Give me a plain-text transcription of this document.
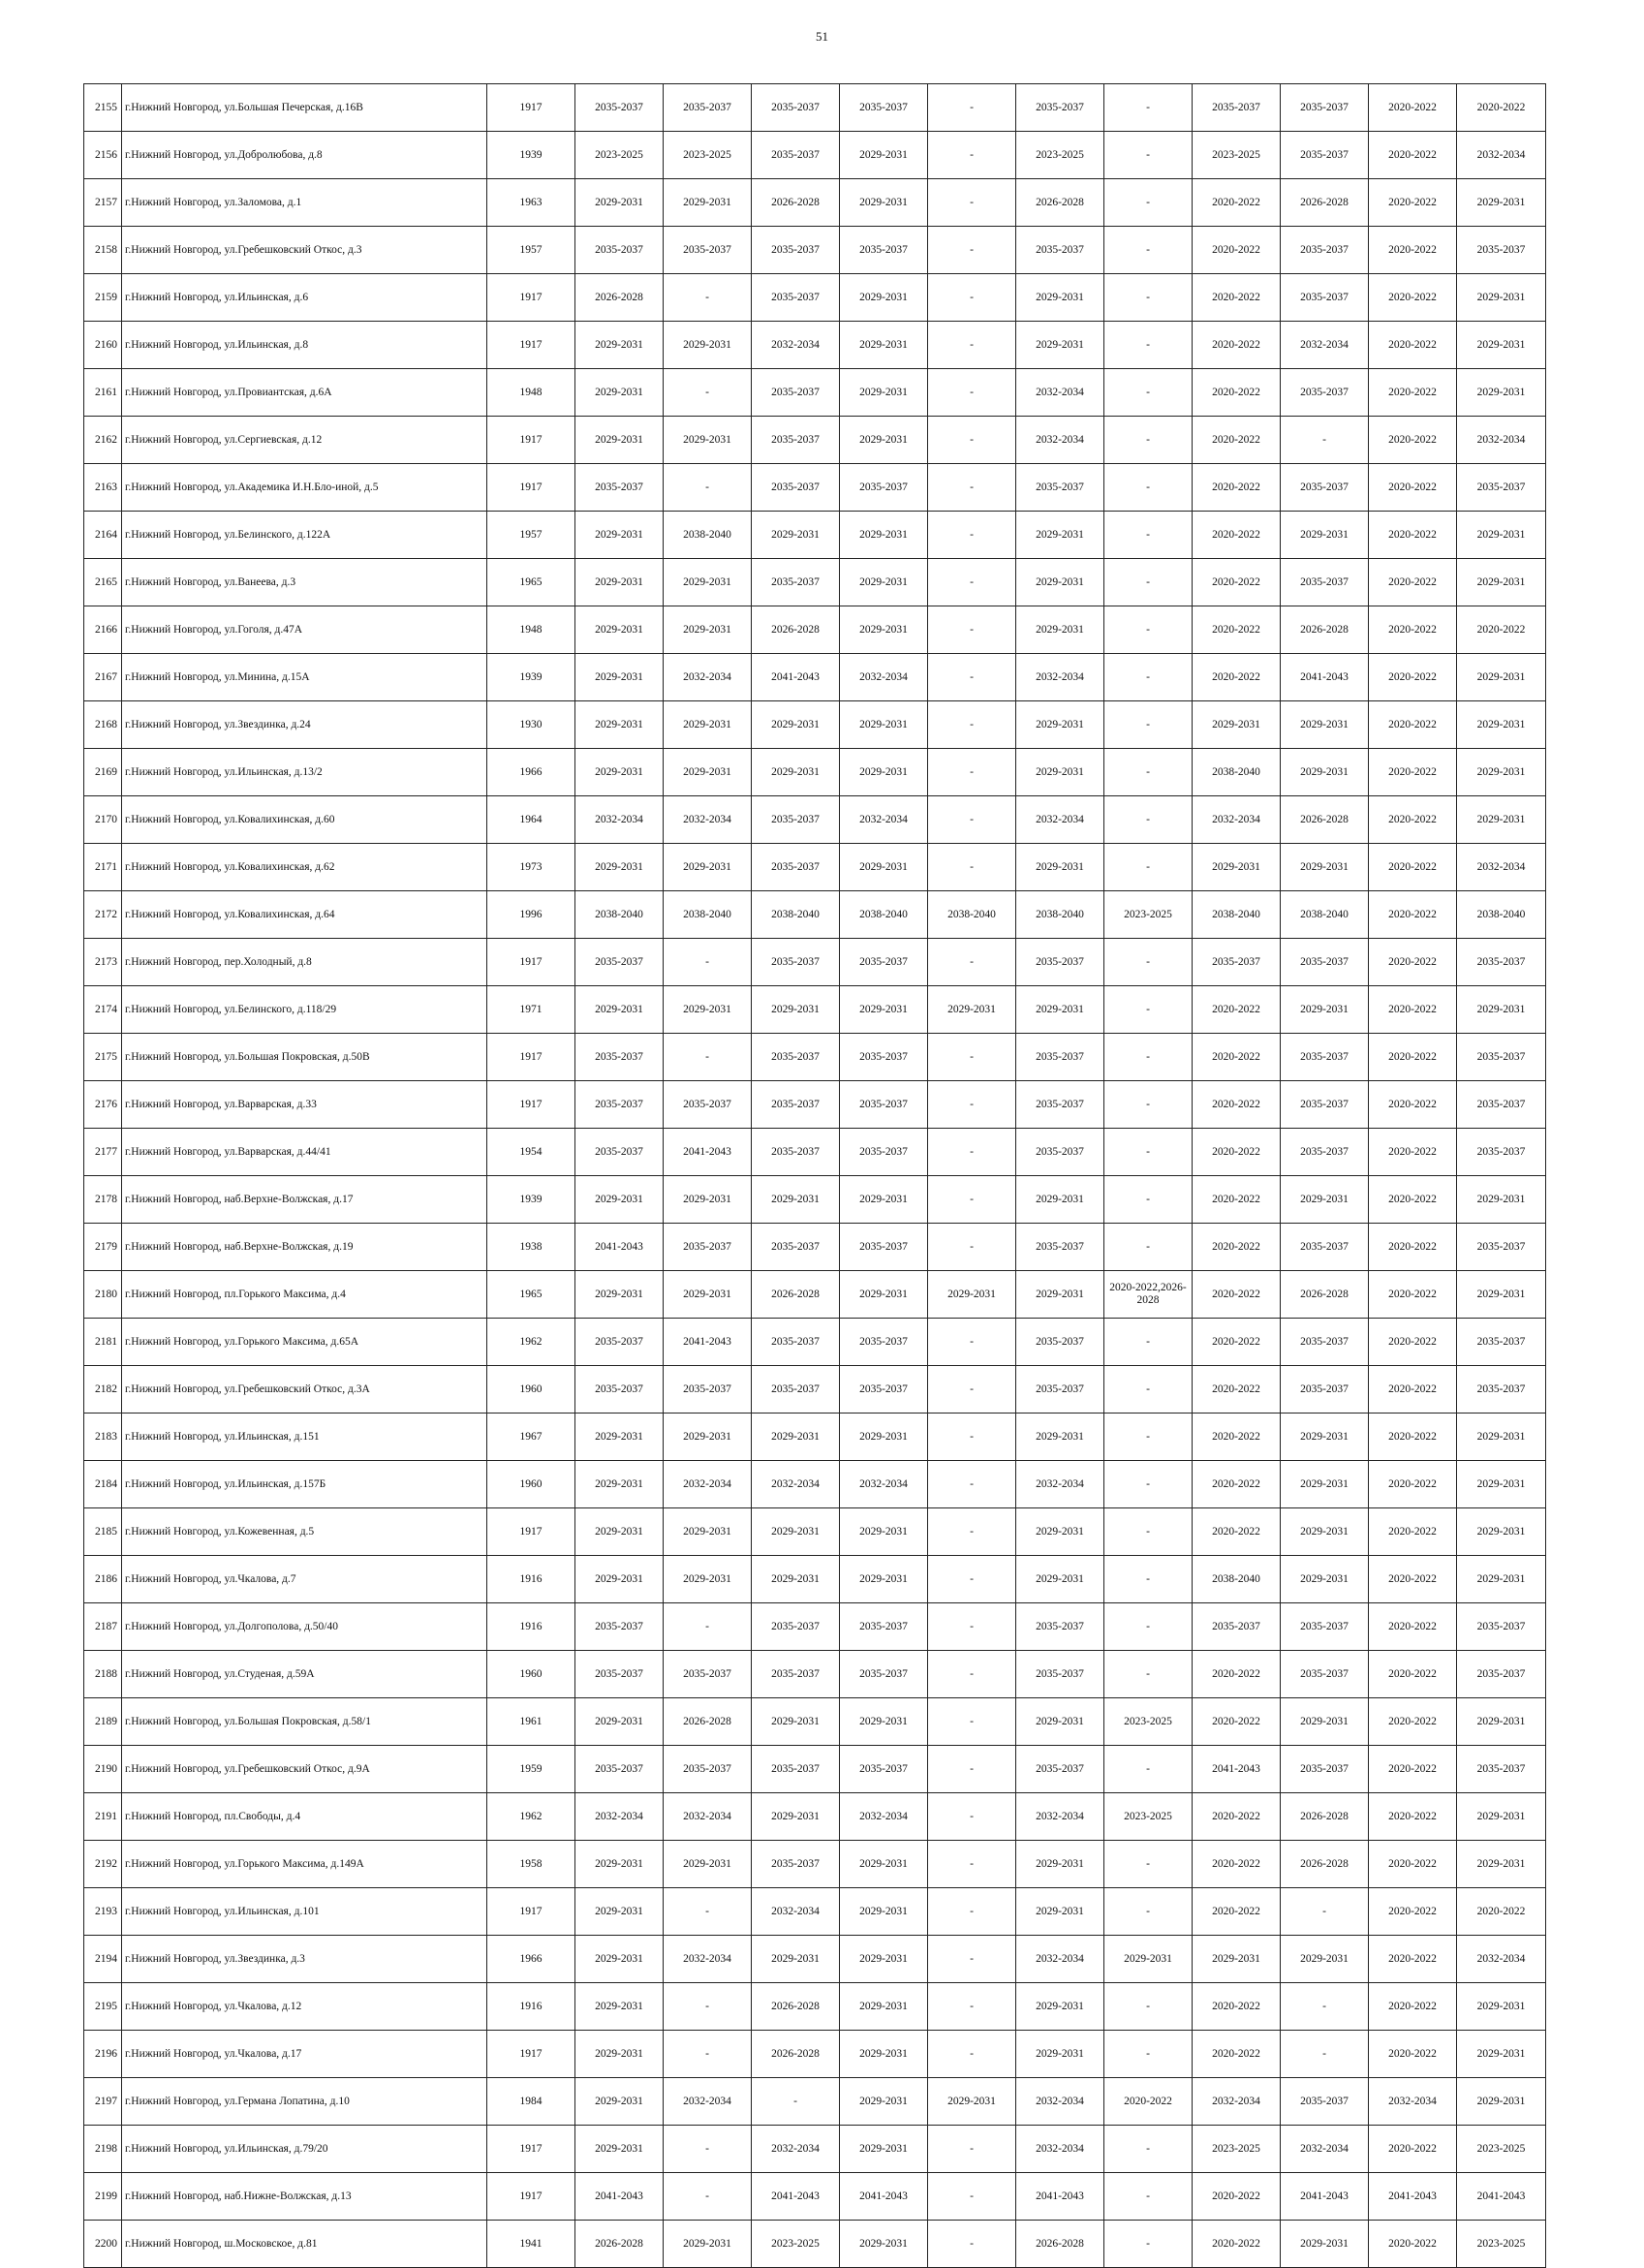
51
2155	г.Нижний Новгород, ул.Большая Печерская, д.16В	1917	2035-2037	2035-2037	2035-2037	2035-2037	-	2035-2037	-	2035-2037	2035-2037	2020-2022	2020-2022
2156	г.Нижний Новгород, ул.Добролюбова, д.8	1939	2023-2025	2023-2025	2035-2037	2029-2031	-	2023-2025	-	2023-2025	2035-2037	2020-2022	2032-2034
2157	г.Нижний Новгород, ул.Заломова, д.1	1963	2029-2031	2029-2031	2026-2028	2029-2031	-	2026-2028	-	2020-2022	2026-2028	2020-2022	2029-2031
2158	г.Нижний Новгород, ул.Гребешковский Откос, д.3	1957	2035-2037	2035-2037	2035-2037	2035-2037	-	2035-2037	-	2020-2022	2035-2037	2020-2022	2035-2037
2159	г.Нижний Новгород, ул.Ильинская, д.6	1917	2026-2028	-	2035-2037	2029-2031	-	2029-2031	-	2020-2022	2035-2037	2020-2022	2029-2031
2160	г.Нижний Новгород, ул.Ильинская, д.8	1917	2029-2031	2029-2031	2032-2034	2029-2031	-	2029-2031	-	2020-2022	2032-2034	2020-2022	2029-2031
2161	г.Нижний Новгород, ул.Провиантская, д.6А	1948	2029-2031	-	2035-2037	2029-2031	-	2032-2034	-	2020-2022	2035-2037	2020-2022	2029-2031
2162	г.Нижний Новгород, ул.Сергиевская, д.12	1917	2029-2031	2029-2031	2035-2037	2029-2031	-	2032-2034	-	2020-2022	-	2020-2022	2032-2034
2163	г.Нижний Новгород, ул.Академика И.Н.Бло-иной, д.5	1917	2035-2037	-	2035-2037	2035-2037	-	2035-2037	-	2020-2022	2035-2037	2020-2022	2035-2037
2164	г.Нижний Новгород, ул.Белинского, д.122А	1957	2029-2031	2038-2040	2029-2031	2029-2031	-	2029-2031	-	2020-2022	2029-2031	2020-2022	2029-2031
2165	г.Нижний Новгород, ул.Ванеева, д.3	1965	2029-2031	2029-2031	2035-2037	2029-2031	-	2029-2031	-	2020-2022	2035-2037	2020-2022	2029-2031
2166	г.Нижний Новгород, ул.Гоголя, д.47А	1948	2029-2031	2029-2031	2026-2028	2029-2031	-	2029-2031	-	2020-2022	2026-2028	2020-2022	2020-2022
2167	г.Нижний Новгород, ул.Минина, д.15А	1939	2029-2031	2032-2034	2041-2043	2032-2034	-	2032-2034	-	2020-2022	2041-2043	2020-2022	2029-2031
2168	г.Нижний Новгород, ул.Звездинка, д.24	1930	2029-2031	2029-2031	2029-2031	2029-2031	-	2029-2031	-	2029-2031	2029-2031	2020-2022	2029-2031
2169	г.Нижний Новгород, ул.Ильинская, д.13/2	1966	2029-2031	2029-2031	2029-2031	2029-2031	-	2029-2031	-	2038-2040	2029-2031	2020-2022	2029-2031
2170	г.Нижний Новгород, ул.Ковалихинская, д.60	1964	2032-2034	2032-2034	2035-2037	2032-2034	-	2032-2034	-	2032-2034	2026-2028	2020-2022	2029-2031
2171	г.Нижний Новгород, ул.Ковалихинская, д.62	1973	2029-2031	2029-2031	2035-2037	2029-2031	-	2029-2031	-	2029-2031	2029-2031	2020-2022	2032-2034
2172	г.Нижний Новгород, ул.Ковалихинская, д.64	1996	2038-2040	2038-2040	2038-2040	2038-2040	2038-2040	2038-2040	2023-2025	2038-2040	2038-2040	2020-2022	2038-2040
2173	г.Нижний Новгород, пер.Холодный, д.8	1917	2035-2037	-	2035-2037	2035-2037	-	2035-2037	-	2035-2037	2035-2037	2020-2022	2035-2037
2174	г.Нижний Новгород, ул.Белинского, д.118/29	1971	2029-2031	2029-2031	2029-2031	2029-2031	2029-2031	2029-2031	-	2020-2022	2029-2031	2020-2022	2029-2031
2175	г.Нижний Новгород, ул.Большая Покровская, д.50В	1917	2035-2037	-	2035-2037	2035-2037	-	2035-2037	-	2020-2022	2035-2037	2020-2022	2035-2037
2176	г.Нижний Новгород, ул.Варварская, д.33	1917	2035-2037	2035-2037	2035-2037	2035-2037	-	2035-2037	-	2020-2022	2035-2037	2020-2022	2035-2037
2177	г.Нижний Новгород, ул.Варварская, д.44/41	1954	2035-2037	2041-2043	2035-2037	2035-2037	-	2035-2037	-	2020-2022	2035-2037	2020-2022	2035-2037
2178	г.Нижний Новгород, наб.Верхне-Волжская, д.17	1939	2029-2031	2029-2031	2029-2031	2029-2031	-	2029-2031	-	2020-2022	2029-2031	2020-2022	2029-2031
2179	г.Нижний Новгород, наб.Верхне-Волжская, д.19	1938	2041-2043	2035-2037	2035-2037	2035-2037	-	2035-2037	-	2020-2022	2035-2037	2020-2022	2035-2037
2180	г.Нижний Новгород, пл.Горького Максима, д.4	1965	2029-2031	2029-2031	2026-2028	2029-2031	2029-2031	2029-2031	2020-2022,2026-2028	2020-2022	2026-2028	2020-2022	2029-2031
2181	г.Нижний Новгород, ул.Горького Максима, д.65А	1962	2035-2037	2041-2043	2035-2037	2035-2037	-	2035-2037	-	2020-2022	2035-2037	2020-2022	2035-2037
2182	г.Нижний Новгород, ул.Гребешковский Откос, д.3А	1960	2035-2037	2035-2037	2035-2037	2035-2037	-	2035-2037	-	2020-2022	2035-2037	2020-2022	2035-2037
2183	г.Нижний Новгород, ул.Ильинская, д.151	1967	2029-2031	2029-2031	2029-2031	2029-2031	-	2029-2031	-	2020-2022	2029-2031	2020-2022	2029-2031
2184	г.Нижний Новгород, ул.Ильинская, д.157Б	1960	2029-2031	2032-2034	2032-2034	2032-2034	-	2032-2034	-	2020-2022	2029-2031	2020-2022	2029-2031
2185	г.Нижний Новгород, ул.Кожевенная, д.5	1917	2029-2031	2029-2031	2029-2031	2029-2031	-	2029-2031	-	2020-2022	2029-2031	2020-2022	2029-2031
2186	г.Нижний Новгород, ул.Чкалова, д.7	1916	2029-2031	2029-2031	2029-2031	2029-2031	-	2029-2031	-	2038-2040	2029-2031	2020-2022	2029-2031
2187	г.Нижний Новгород, ул.Долгополова, д.50/40	1916	2035-2037	-	2035-2037	2035-2037	-	2035-2037	-	2035-2037	2035-2037	2020-2022	2035-2037
2188	г.Нижний Новгород, ул.Студеная, д.59А	1960	2035-2037	2035-2037	2035-2037	2035-2037	-	2035-2037	-	2020-2022	2035-2037	2020-2022	2035-2037
2189	г.Нижний Новгород, ул.Большая Покровская, д.58/1	1961	2029-2031	2026-2028	2029-2031	2029-2031	-	2029-2031	2023-2025	2020-2022	2029-2031	2020-2022	2029-2031
2190	г.Нижний Новгород, ул.Гребешковский Откос, д.9А	1959	2035-2037	2035-2037	2035-2037	2035-2037	-	2035-2037	-	2041-2043	2035-2037	2020-2022	2035-2037
2191	г.Нижний Новгород, пл.Свободы, д.4	1962	2032-2034	2032-2034	2029-2031	2032-2034	-	2032-2034	2023-2025	2020-2022	2026-2028	2020-2022	2029-2031
2192	г.Нижний Новгород, ул.Горького Максима, д.149А	1958	2029-2031	2029-2031	2035-2037	2029-2031	-	2029-2031	-	2020-2022	2026-2028	2020-2022	2029-2031
2193	г.Нижний Новгород, ул.Ильинская, д.101	1917	2029-2031	-	2032-2034	2029-2031	-	2029-2031	-	2020-2022	-	2020-2022	2020-2022
2194	г.Нижний Новгород, ул.Звездинка, д.3	1966	2029-2031	2032-2034	2029-2031	2029-2031	-	2032-2034	2029-2031	2029-2031	2029-2031	2020-2022	2032-2034
2195	г.Нижний Новгород, ул.Чкалова, д.12	1916	2029-2031	-	2026-2028	2029-2031	-	2029-2031	-	2020-2022	-	2020-2022	2029-2031
2196	г.Нижний Новгород, ул.Чкалова, д.17	1917	2029-2031	-	2026-2028	2029-2031	-	2029-2031	-	2020-2022	-	2020-2022	2029-2031
2197	г.Нижний Новгород, ул.Германа Лопатина, д.10	1984	2029-2031	2032-2034	-	2029-2031	2029-2031	2032-2034	2020-2022	2032-2034	2035-2037	2032-2034	2029-2031
2198	г.Нижний Новгород, ул.Ильинская, д.79/20	1917	2029-2031	-	2032-2034	2029-2031	-	2032-2034	-	2023-2025	2032-2034	2020-2022	2023-2025
2199	г.Нижний Новгород, наб.Нижне-Волжская, д.13	1917	2041-2043	-	2041-2043	2041-2043	-	2041-2043	-	2020-2022	2041-2043	2041-2043	2041-2043
2200	г.Нижний Новгород, ш.Московское, д.81	1941	2026-2028	2029-2031	2023-2025	2029-2031	-	2026-2028	-	2020-2022	2029-2031	2020-2022	2023-2025
